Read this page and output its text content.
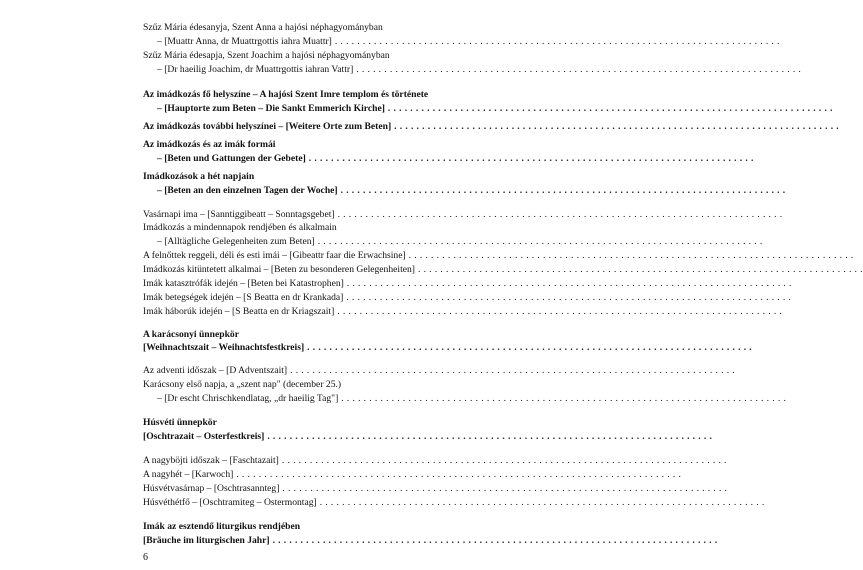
Szűz Mária édesanyja, Szent Anna a hajósi néphagyományban
– [Muattr Anna, dr Muattrgottis iahra Muattr]. . . . . . . . . . . . . . . . . . . . . . . . . . . . . . . . . . . . . . . . . . . . . . . . . . . . . . . . . . . . . . . . . . . . . . . . . . . . . . . .
Szűz Mária édesapja, Szent Joachim a hajósi néphagyományban
– [Dr haeilig Joachim, dr Muattrgottis iahran Vattr]. . . . . . . . . . . . . . . . . . . . . . . . . . . . . . . . . . . . . . . . . . . . . . . . . . . . . . . . . . . . . . . . . . . . . . . . . . . . . . . .
Az imádkozás fő helyszíne – A hajósi Szent Imre templom és története
– [Hauptorte zum Beten – Die Sankt Emmerich Kirche]. . . . . . . . . . . . . . . . . . . . . . . . . . . . . . . . . . . . . . . . . . . . . . . . . . . . . . . . . . . . . . . . . . . . . . . . . . . . . . . .
Az imádkozás további helyszínei – [Weitere Orte zum Beten]. . . . . . . . . . . . . . . . . . . . . . . . . . . . . . . . . . . . . . . . . . . . . . . . . . . . . . . . . . . . . . . . . . . . . . . . . . . . . . . .
Az imádkozás és az imák formái
– [Beten und Gattungen der Gebete]. . . . . . . . . . . . . . . . . . . . . . . . . . . . . . . . . . . . . . . . . . . . . . . . . . . . . . . . . . . . . . . . . . . . . . . . . . . . . . . .
Imádkozások a hét napjain
– [Beten an den einzelnen Tagen der Woche]. . . . . . . . . . . . . . . . . . . . . . . . . . . . . . . . . . . . . . . . . . . . . . . . . . . . . . . . . . . . . . . . . . . . . . . . . . . . . . . .
Vasárnapi ima – [Sanntiggibeatt – Sonntagsgebet]. . . . . . . . . . . . . . . . . . . . . . . . . . . . . . . . . . . . . . . . . . . . . . . . . . . . . . . . . . . . . . . . . . . . . . . . . . . . . . . .
Imádkozás a mindennapok rendjében és alkalmain
– [Alltägliche Gelegenheiten zum Beten]. . . . . . . . . . . . . . . . . . . . . . . . . . . . . . . . . . . . . . . . . . . . . . . . . . . . . . . . . . . . . . . . . . . . . . . . . . . . . . . .
A felnőttek reggeli, déli és esti imái – [Gibeattr faar die Erwachsine]. . . . . . . . . . . . . . . . . . . . . . . . . . . . . . . . . . . . . . . . . . . . . . . . . . . . . . . . . . . . . . . . . . . . . . . . . . . . . . . .
Imádkozás kitüntetett alkalmai – [Beten zu besonderen Gelegenheiten]. . . . . . . . . . . . . . . . . . . . . . . . . . . . . . . . . . . . . . . . . . . . . . . . . . . . . . . . . . . . . . . . . . . . . . . . . . . . . . . .
Imák katasztrófák idején – [Beten bei Katastrophen]. . . . . . . . . . . . . . . . . . . . . . . . . . . . . . . . . . . . . . . . . . . . . . . . . . . . . . . . . . . . . . . . . . . . . . . . . . . . . . . .
Imák betegségek idején – [S Beatta en dr Krankada]. . . . . . . . . . . . . . . . . . . . . . . . . . . . . . . . . . . . . . . . . . . . . . . . . . . . . . . . . . . . . . . . . . . . . . . . . . . . . . . .
Imák háborúk idején – [S Beatta en dr Kriagszait]. . . . . . . . . . . . . . . . . . . . . . . . . . . . . . . . . . . . . . . . . . . . . . . . . . . . . . . . . . . . . . . . . . . . . . . . . . . . . . . .
A karácsonyi ünnepkör
[Weihnachtszait – Weihnachtsfestkreis]. . . . . . . . . . . . . . . . . . . . . . . . . . . . . . . . . . . . . . . . . . . . . . . . . . . . . . . . . . . . . . . . . . . . . . . . . . . . . . . .
Az adventi időszak – [D Adventszait]. . . . . . . . . . . . . . . . . . . . . . . . . . . . . . . . . . . . . . . . . . . . . . . . . . . . . . . . . . . . . . . . . . . . . . . . . . . . . . . .
Karácsony első napja, a „szent nap" (december 25.)
– [Dr escht Chrischkendlatag, „dr haeilig Tag"]. . . . . . . . . . . . . . . . . . . . . . . . . . . . . . . . . . . . . . . . . . . . . . . . . . . . . . . . . . . . . . . . . . . . . . . . . . . . . . . .
Húsvéti ünnepkör
[Oschtrazait – Osterfestkreis]. . . . . . . . . . . . . . . . . . . . . . . . . . . . . . . . . . . . . . . . . . . . . . . . . . . . . . . . . . . . . . . . . . . . . . . . . . . . . . . .
A nagyböjti időszak – [Faschtazait]. . . . . . . . . . . . . . . . . . . . . . . . . . . . . . . . . . . . . . . . . . . . . . . . . . . . . . . . . . . . . . . . . . . . . . . . . . . . . . . .
A nagyhét – [Karwoch]. . . . . . . . . . . . . . . . . . . . . . . . . . . . . . . . . . . . . . . . . . . . . . . . . . . . . . . . . . . . . . . . . . . . . . . . . . . . . . . .
Húsvétvasárnap – [Oschtrasanntеg]. . . . . . . . . . . . . . . . . . . . . . . . . . . . . . . . . . . . . . . . . . . . . . . . . . . . . . . . . . . . . . . . . . . . . . . . . . . . . . . .
Húsvéthétfő – [Oschtramiteg – Ostermontag]. . . . . . . . . . . . . . . . . . . . . . . . . . . . . . . . . . . . . . . . . . . . . . . . . . . . . . . . . . . . . . . . . . . . . . . . . . . . . . . .
Imák az esztendő liturgikus rendjében
[Bräuche im liturgischen Jahr]. . . . . . . . . . . . . . . . . . . . . . . . . . . . . . . . . . . . . . . . . . . . . . . . . . . . . . . . . . . . . . . . . . . . . . . . . . . . . . . .
6
